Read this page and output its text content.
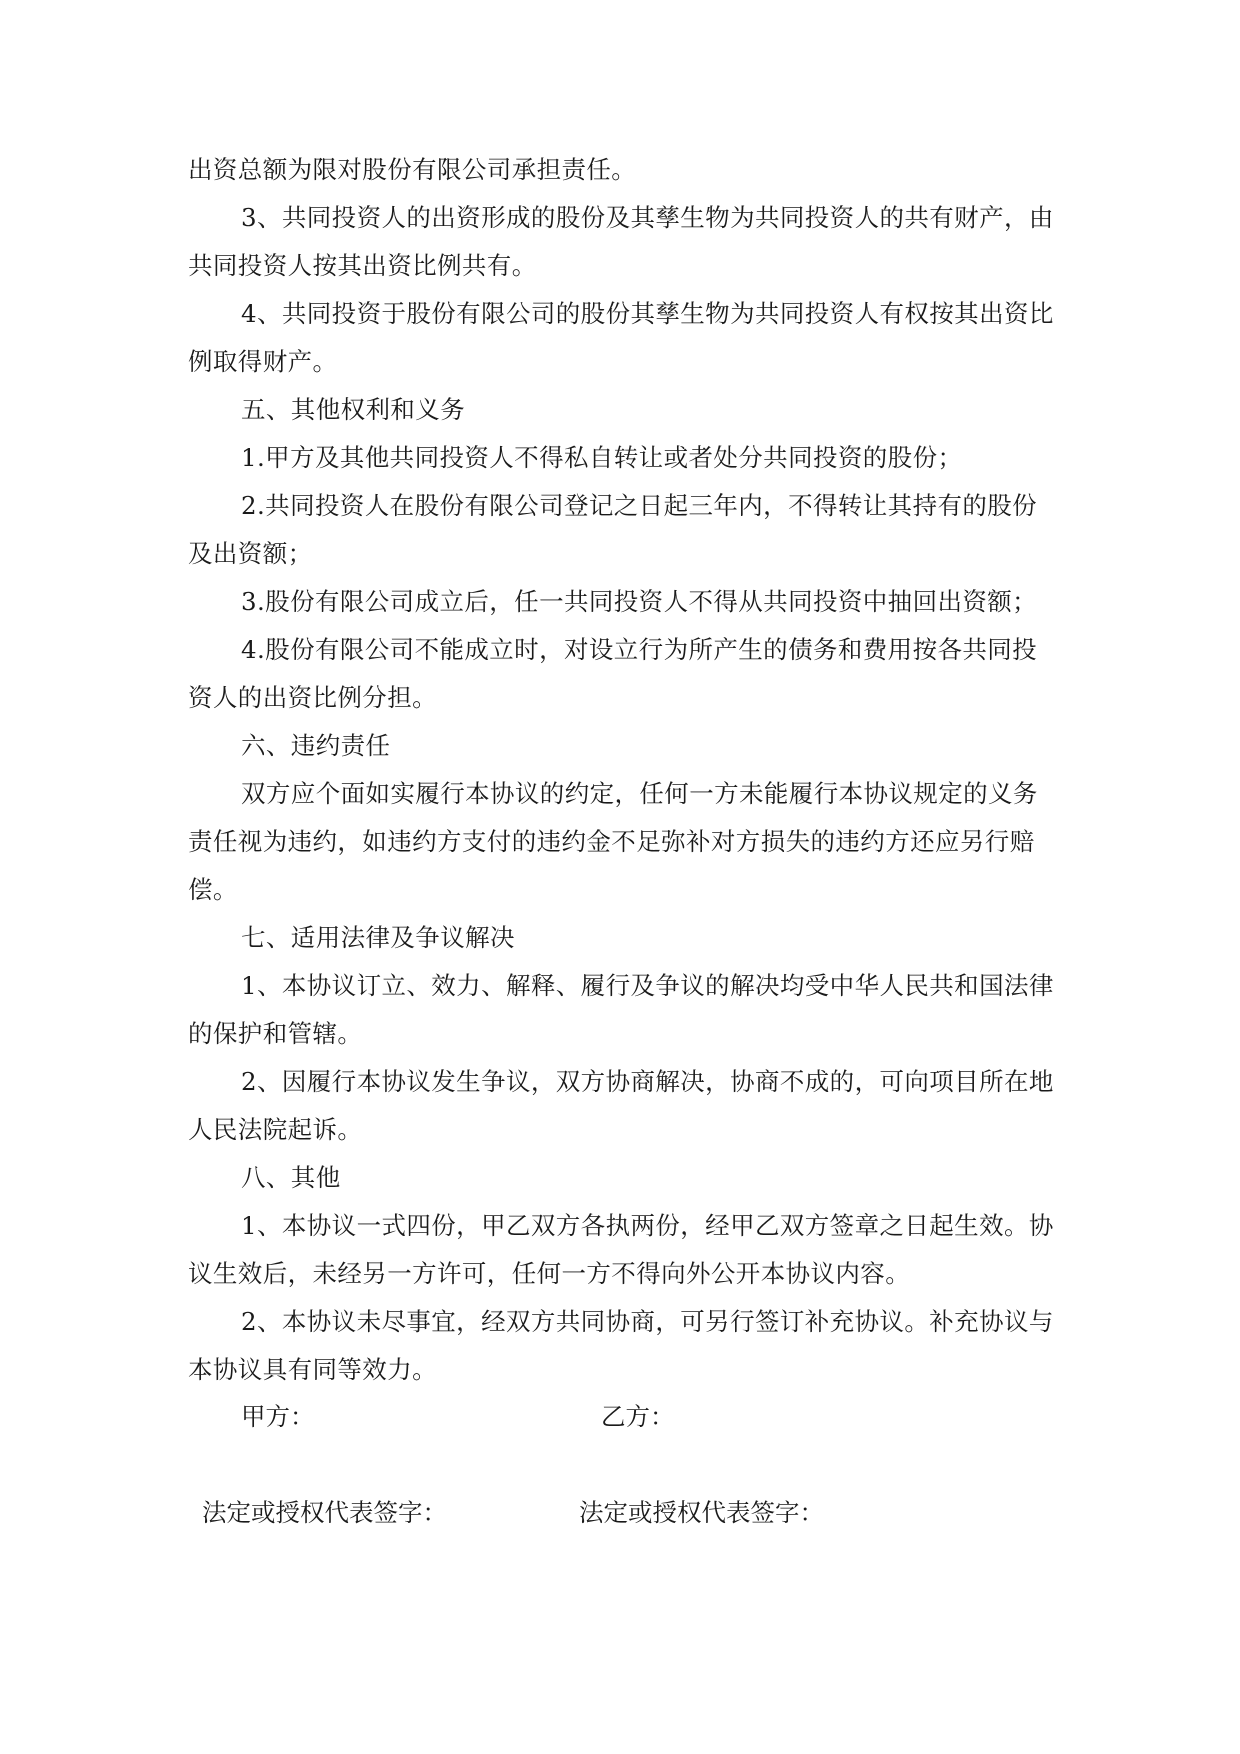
出资总额为限对股份有限公司承担责任。
3、共同投资人的出资形成的股份及其孳生物为共同投资人的共有财产，由
共同投资人按其出资比例共有。
4、共同投资于股份有限公司的股份其孳生物为共同投资人有权按其出资比
例取得财产。
五、其他权利和义务
1.甲方及其他共同投资人不得私自转让或者处分共同投资的股份；
2.共同投资人在股份有限公司登记之日起三年内，不得转让其持有的股份
及出资额；
3.股份有限公司成立后，任一共同投资人不得从共同投资中抽回出资额；
4.股份有限公司不能成立时，对设立行为所产生的债务和费用按各共同投
资人的出资比例分担。
六、违约责任
双方应个面如实履行本协议的约定，任何一方未能履行本协议规定的义务
责任视为违约，如违约方支付的违约金不足弥补对方损失的违约方还应另行赔
偿。
七、适用法律及争议解决
1、本协议订立、效力、解释、履行及争议的解决均受中华人民共和国法律
的保护和管辖。
2、因履行本协议发生争议，双方协商解决，协商不成的，可向项目所在地
人民法院起诉。
八、其他
1、本协议一式四份，甲乙双方各执两份，经甲乙双方签章之日起生效。协
议生效后，未经另一方许可，任何一方不得向外公开本协议内容。
2、本协议未尽事宜，经双方共同协商，可另行签订补充协议。补充协议与
本协议具有同等效力。
甲方：	乙方：
法定或授权代表签字：	法定或授权代表签字：
